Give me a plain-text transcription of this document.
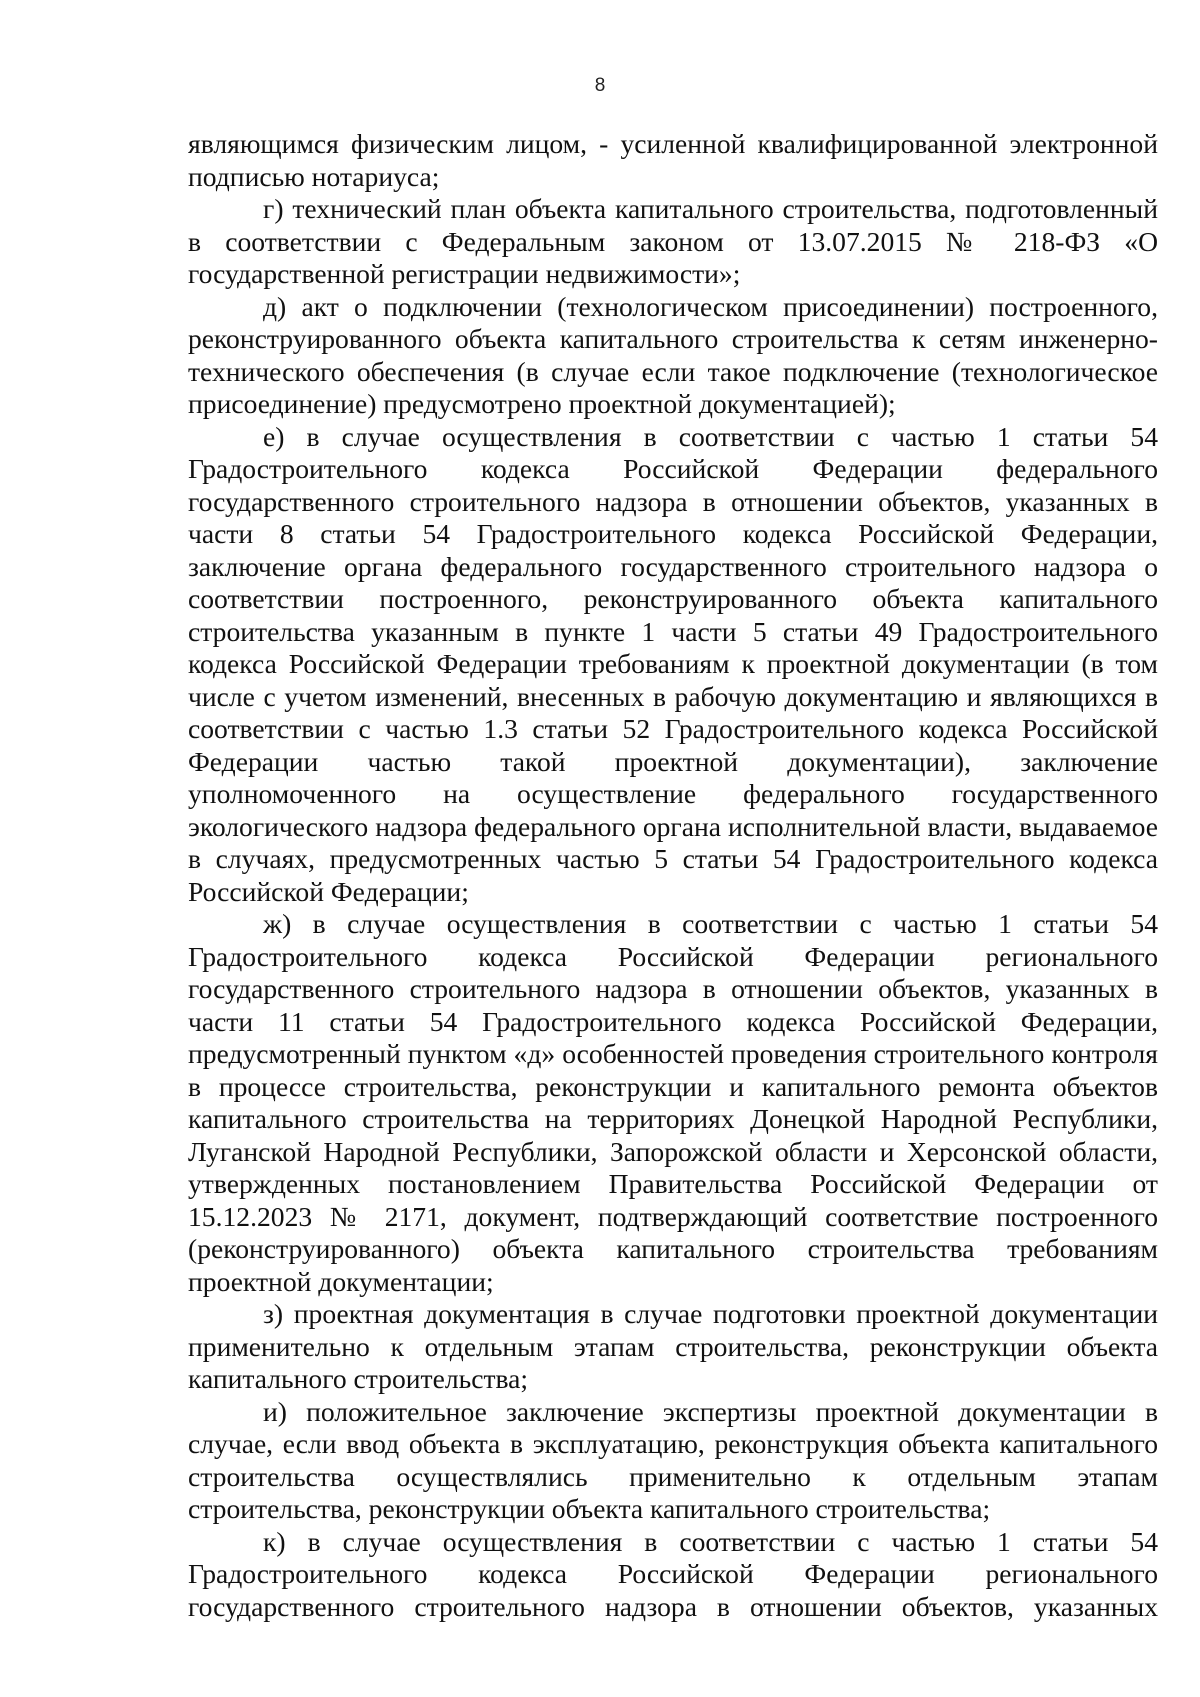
8

являющимся физическим лицом, - усиленной квалифицированной электронной подписью нотариуса;

г) технический план объекта капитального строительства, подготовленный в соответствии с Федеральным законом от 13.07.2015 № 218-ФЗ «О государственной регистрации недвижимости»;

д) акт о подключении (технологическом присоединении) построенного, реконструированного объекта капитального строительства к сетям инженерно-технического обеспечения (в случае если такое подключение (технологическое присоединение) предусмотрено проектной документацией);

е) в случае осуществления в соответствии с частью 1 статьи 54 Градостроительного кодекса Российской Федерации федерального государственного строительного надзора в отношении объектов, указанных в части 8 статьи 54 Градостроительного кодекса Российской Федерации, заключение органа федерального государственного строительного надзора о соответствии построенного, реконструированного объекта капитального строительства указанным в пункте 1 части 5 статьи 49 Градостроительного кодекса Российской Федерации требованиям к проектной документации (в том числе с учетом изменений, внесенных в рабочую документацию и являющихся в соответствии с частью 1.3 статьи 52 Градостроительного кодекса Российской Федерации частью такой проектной документации), заключение уполномоченного на осуществление федерального государственного экологического надзора федерального органа исполнительной власти, выдаваемое в случаях, предусмотренных частью 5 статьи 54 Градостроительного кодекса Российской Федерации;

ж) в случае осуществления в соответствии с частью 1 статьи 54 Градостроительного кодекса Российской Федерации регионального государственного строительного надзора в отношении объектов, указанных в части 11 статьи 54 Градостроительного кодекса Российской Федерации, предусмотренный пунктом «д» особенностей проведения строительного контроля в процессе строительства, реконструкции и капитального ремонта объектов капитального строительства на территориях Донецкой Народной Республики, Луганской Народной Республики, Запорожской области и Херсонской области, утвержденных постановлением Правительства Российской Федерации от 15.12.2023 № 2171, документ, подтверждающий соответствие построенного (реконструированного) объекта капитального строительства требованиям проектной документации;

з) проектная документация в случае подготовки проектной документации применительно к отдельным этапам строительства, реконструкции объекта капитального строительства;

и) положительное заключение экспертизы проектной документации в случае, если ввод объекта в эксплуатацию, реконструкция объекта капитального строительства осуществлялись применительно к отдельным этапам строительства, реконструкции объекта капитального строительства;

к) в случае осуществления в соответствии с частью 1 статьи 54 Градостроительного кодекса Российской Федерации регионального государственного строительного надзора в отношении объектов, указанных
